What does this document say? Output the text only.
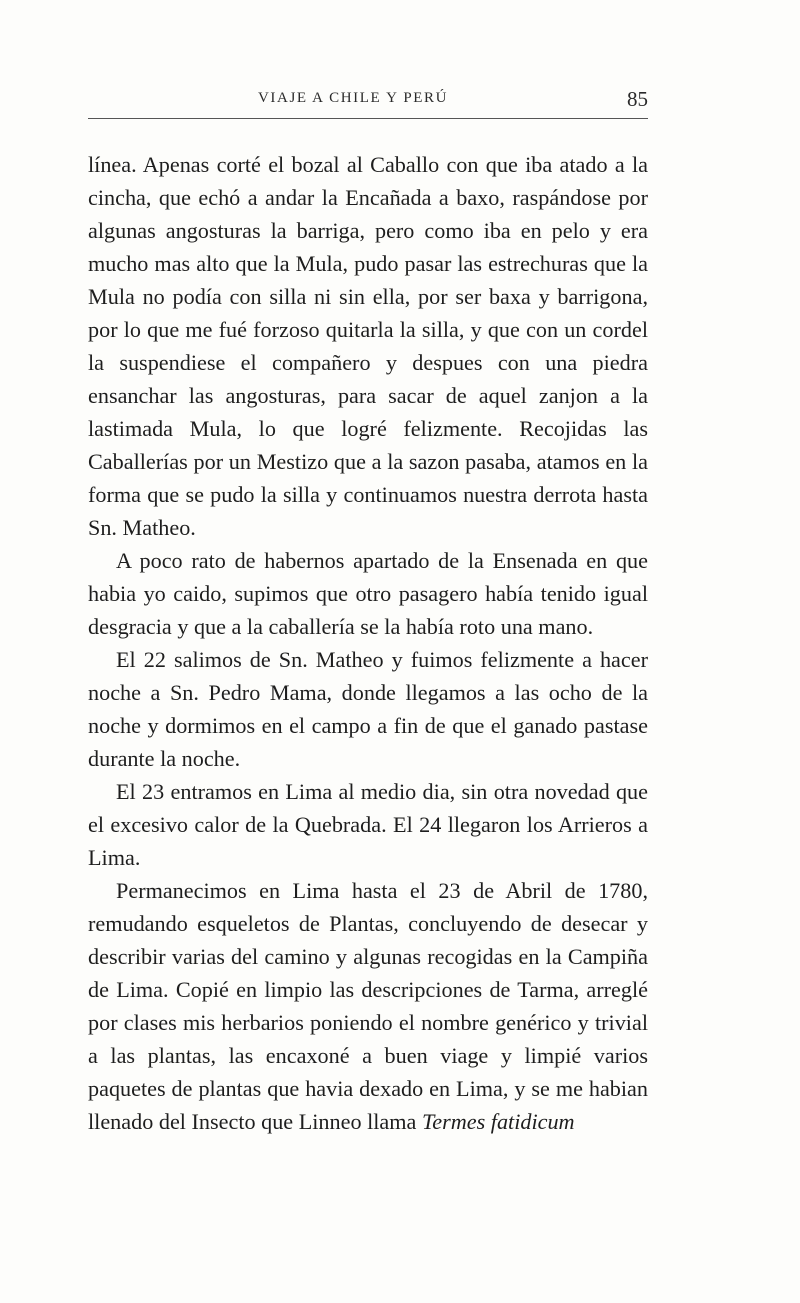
VIAJE A CHILE Y PERÚ	85

línea. Apenas corté el bozal al Caballo con que iba atado a la cincha, que echó a andar la Encañada a baxo, raspándose por algunas angosturas la barriga, pero como iba en pelo y era mucho mas alto que la Mula, pudo pasar las estrechuras que la Mula no podía con silla ni sin ella, por ser baxa y barrigona, por lo que me fué forzoso quitarla la silla, y que con un cordel la suspendiese el compañero y despues con una piedra ensanchar las angosturas, para sacar de aquel zanjon a la lastimada Mula, lo que logré felizmente. Recojidas las Caballerías por un Mestizo que a la sazon pasaba, atamos en la forma que se pudo la silla y continuamos nuestra derrota hasta Sn. Matheo.

A poco rato de habernos apartado de la Ensenada en que habia yo caido, supimos que otro pasagero había tenido igual desgracia y que a la caballería se la había roto una mano.

El 22 salimos de Sn. Matheo y fuimos felizmente a hacer noche a Sn. Pedro Mama, donde llegamos a las ocho de la noche y dormimos en el campo a fin de que el ganado pastase durante la noche.

El 23 entramos en Lima al medio dia, sin otra novedad que el excesivo calor de la Quebrada. El 24 llegaron los Arrieros a Lima.

Permanecimos en Lima hasta el 23 de Abril de 1780, remudando esqueletos de Plantas, concluyendo de desecar y describir varias del camino y algunas recogidas en la Campiña de Lima. Copié en limpio las descripciones de Tarma, arreglé por clases mis herbarios poniendo el nombre genérico y trivial a las plantas, las encaxoné a buen viage y limpié varios paquetes de plantas que havia dexado en Lima, y se me habian llenado del Insecto que Linneo llama Termes fatidicum
